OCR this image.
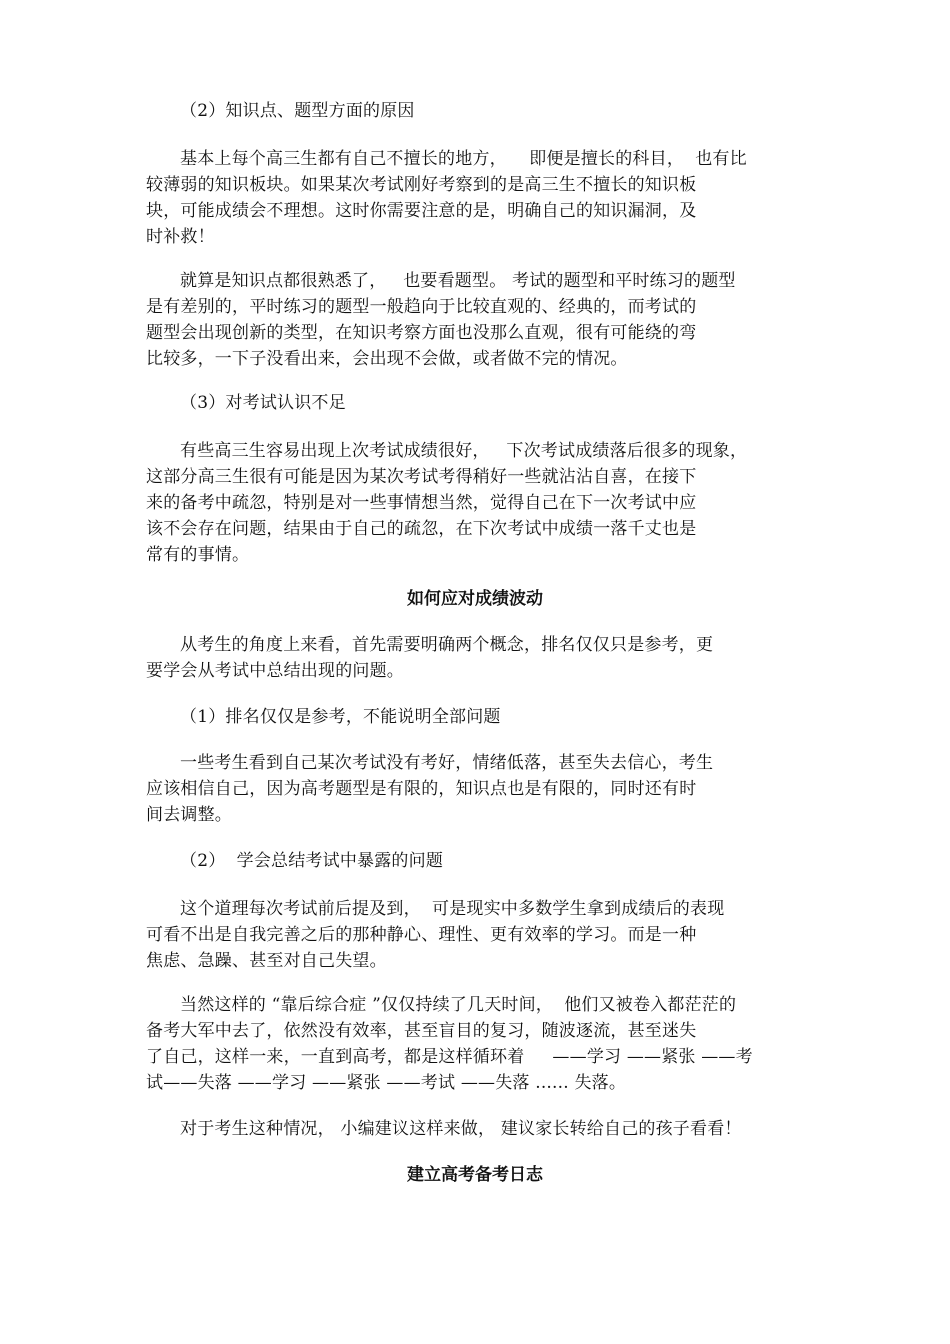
（2）知识点、题型方面的原因
基本上每个高三生都有自己不擅长的地方，    即便是擅长的科目，  也有比
较薄弱的知识板块。如果某次考试刚好考察到的是高三生不擅长的知识板
块，可能成绩会不理想。这时你需要注意的是，明确自己的知识漏洞，及
时补救！
就算是知识点都很熟悉了，   也要看题型。 考试的题型和平时练习的题型
是有差别的，平时练习的题型一般趋向于比较直观的、经典的，而考试的
题型会出现创新的类型，在知识考察方面也没那么直观，很有可能绕的弯
比较多，一下子没看出来，会出现不会做，或者做不完的情况。
（3）对考试认识不足
有些高三生容易出现上次考试成绩很好，   下次考试成绩落后很多的现象，
这部分高三生很有可能是因为某次考试考得稍好一些就沾沾自喜，在接下
来的备考中疏忽，特别是对一些事情想当然，觉得自己在下一次考试中应
该不会存在问题，结果由于自己的疏忽，在下次考试中成绩一落千丈也是
常有的事情。
如何应对成绩波动
从考生的角度上来看，首先需要明确两个概念，排名仅仅只是参考，更
要学会从考试中总结出现的问题。
（1）排名仅仅是参考，不能说明全部问题
一些考生看到自己某次考试没有考好，情绪低落，甚至失去信心，考生
应该相信自己，因为高考题型是有限的，知识点也是有限的，同时还有时
间去调整。
（2）  学会总结考试中暴露的问题
这个道理每次考试前后提及到，  可是现实中多数学生拿到成绩后的表现
可看不出是自我完善之后的那种静心、理性、更有效率的学习。而是一种
焦虑、急躁、甚至对自己失望。
当然这样的 “靠后综合症 ”仅仅持续了几天时间，  他们又被卷入都茫茫的
备考大军中去了，依然没有效率，甚至盲目的复习，随波逐流，甚至迷失
了自己，这样一来，一直到高考，都是这样循环着     ——学习 ——紧张 ——考
试——失落 ——学习 ——紧张 ——考试 ——失落 ...... 失落。
对于考生这种情况， 小编建议这样来做， 建议家长转给自己的孩子看看！
建立高考备考日志
